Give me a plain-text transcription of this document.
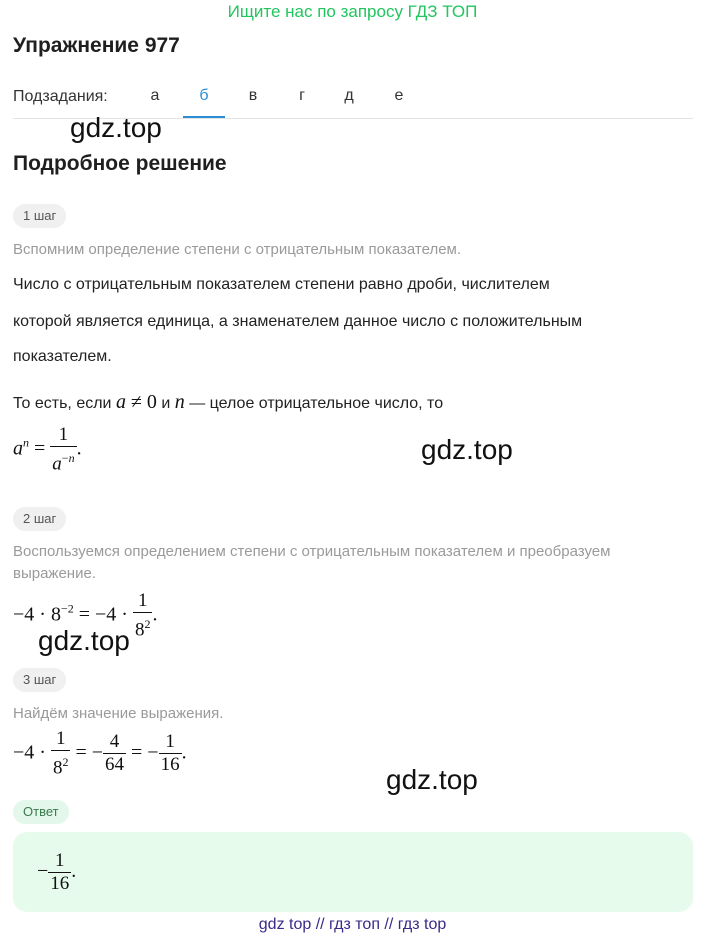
Ищите нас по запросу ГДЗ ТОП
Упражнение 977
Подзадания:	а	б	в	г	д	е
gdz.top
Подробное решение
1 шаг
Вспомним определение степени с отрицательным показателем.
Число с отрицательным показателем степени равно дроби, числителем
которой является единица, а знаменателем данное число с положительным
показателем.
То есть, если a ≠ 0 и n — целое отрицательное число, то
$a^n = \frac{1}{a^{-n}}$ .	gdz.top
2 шаг
Воспользуемся определением степени с отрицательным показателем и преобразуем выражение.
$-4 \cdot 8^{-2} = -4 \cdot \frac{1}{8^2}$ .
gdz.top
3 шаг
Найдём значение выражения.
$-4 \cdot \frac{1}{8^2}$ = − $\frac{4}{64}$ = − $\frac{1}{16}$ .
gdz.top
Ответ
− $\frac{1}{16}$ .
gdz top // гдз топ // гдз top
